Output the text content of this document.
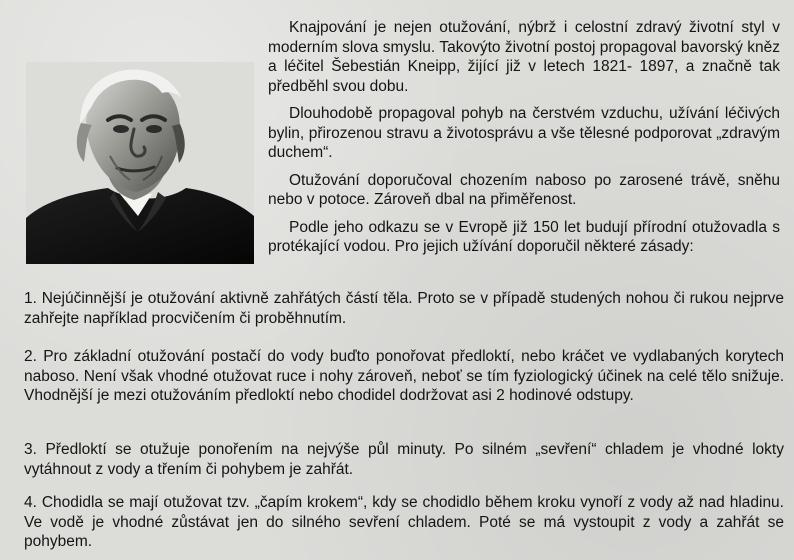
Knajpování je nejen otužování, nýbrž i celostní zdravý životní styl v moderním slova smyslu. Takovýto životní postoj propagoval bavorský kněz a léčitel Šebestián Kneipp, žijící již v letech 1821- 1897, a značně tak předběhl svou dobu.

Dlouhodobě propagoval pohyb na čerstvém vzduchu, užívání léčivých bylin, přirozenou stravu a životosprávu a vše tělesné podporovat „zdravým duchem“.

Otužování doporučoval chozením naboso po zarosené trávě, sněhu nebo v potoce. Zároveň dbal na přiměřenost.

Podle jeho odkazu se v Evropě již 150 let budují přírodní otužovadla s protékající vodou. Pro jejich užívání doporučil některé zásady:

1. Nejúčinnější je otužování aktivně zahřátých částí těla. Proto se v případě studených nohou či rukou nejprve zahřejte například procvičením či proběhnutím.

2. Pro základní otužování postačí do vody buďto ponořovat předloktí, nebo kráčet ve vydlabaných korytech naboso. Není však vhodné otužovat ruce i nohy zároveň, neboť se tím fyziologický účinek na celé tělo snižuje. Vhodnější je mezi otužováním předloktí nebo chodidel dodržovat asi 2 hodinové odstupy.

3. Předloktí se otužuje ponořením na nejvýše půl minuty. Po silném „sevření“ chladem je vhodné lokty vytáhnout z vody a třením či pohybem je zahřát.

4. Chodidla se mají otužovat tzv. „čapím krokem“, kdy se chodidlo během kroku vynoří z vody až nad hladinu. Ve vodě je vhodné zůstávat jen do silného sevření chladem. Poté se má vystoupit z vody a zahřát se pohybem.
